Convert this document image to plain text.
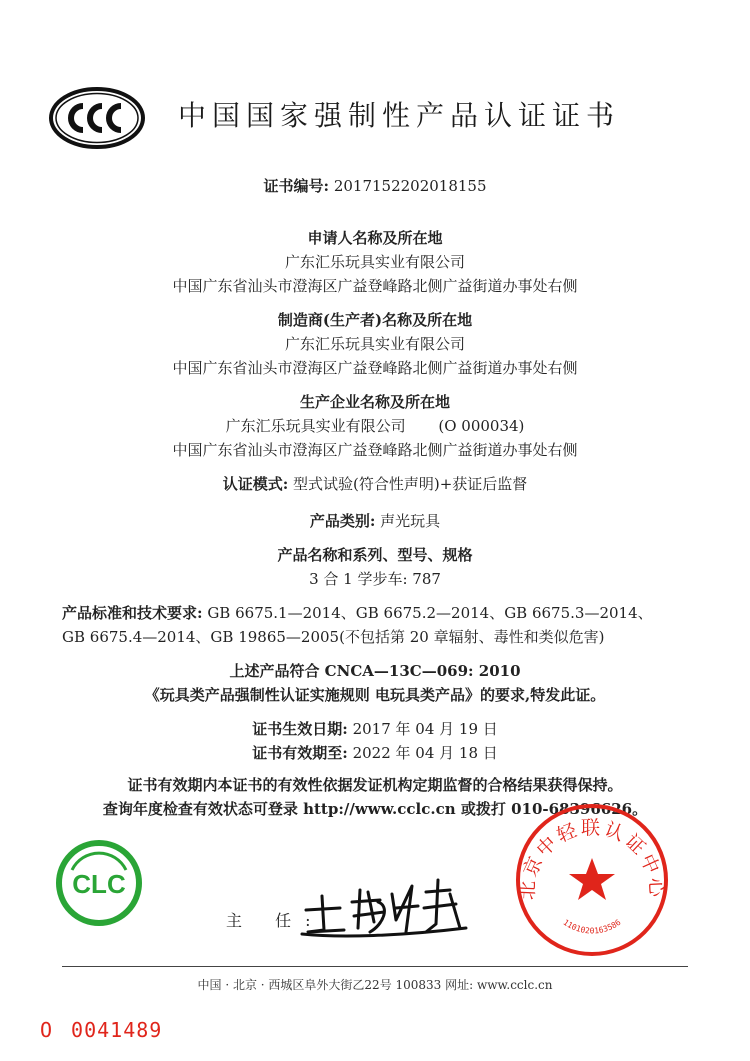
中国国家强制性产品认证证书
证书编号: 2017152202018155
申请人名称及所在地
广东汇乐玩具实业有限公司
中国广东省汕头市澄海区广益登峰路北侧广益街道办事处右侧
制造商(生产者)名称及所在地
广东汇乐玩具实业有限公司
中国广东省汕头市澄海区广益登峰路北侧广益街道办事处右侧
生产企业名称及所在地
广东汇乐玩具实业有限公司 (O 000034)
中国广东省汕头市澄海区广益登峰路北侧广益街道办事处右侧
认证模式: 型式试验(符合性声明)+获证后监督
产品类别: 声光玩具
产品名称和系列、型号、规格
3 合 1 学步车: 787
产品标准和技术要求: GB 6675.1—2014、GB 6675.2—2014、GB 6675.3—2014、
GB 6675.4—2014、GB 19865—2005(不包括第 20 章辐射、毒性和类似危害)
上述产品符合 CNCA—13C—069: 2010
《玩具类产品强制性认证实施规则 电玩具类产品》的要求,特发此证。
证书生效日期: 2017 年 04 月 19 日
证书有效期至: 2022 年 04 月 18 日
证书有效期内本证书的有效性依据发证机构定期监督的合格结果获得保持。
查询年度检查有效状态可登录 http://www.cclc.cn 或拨打 010-68396626。
CLC
主 任:
北京中轻联认证中心
1101020163586
中国 · 北京 · 西城区阜外大街乙22号 100833 网址: www.cclc.cn
O 0041489
